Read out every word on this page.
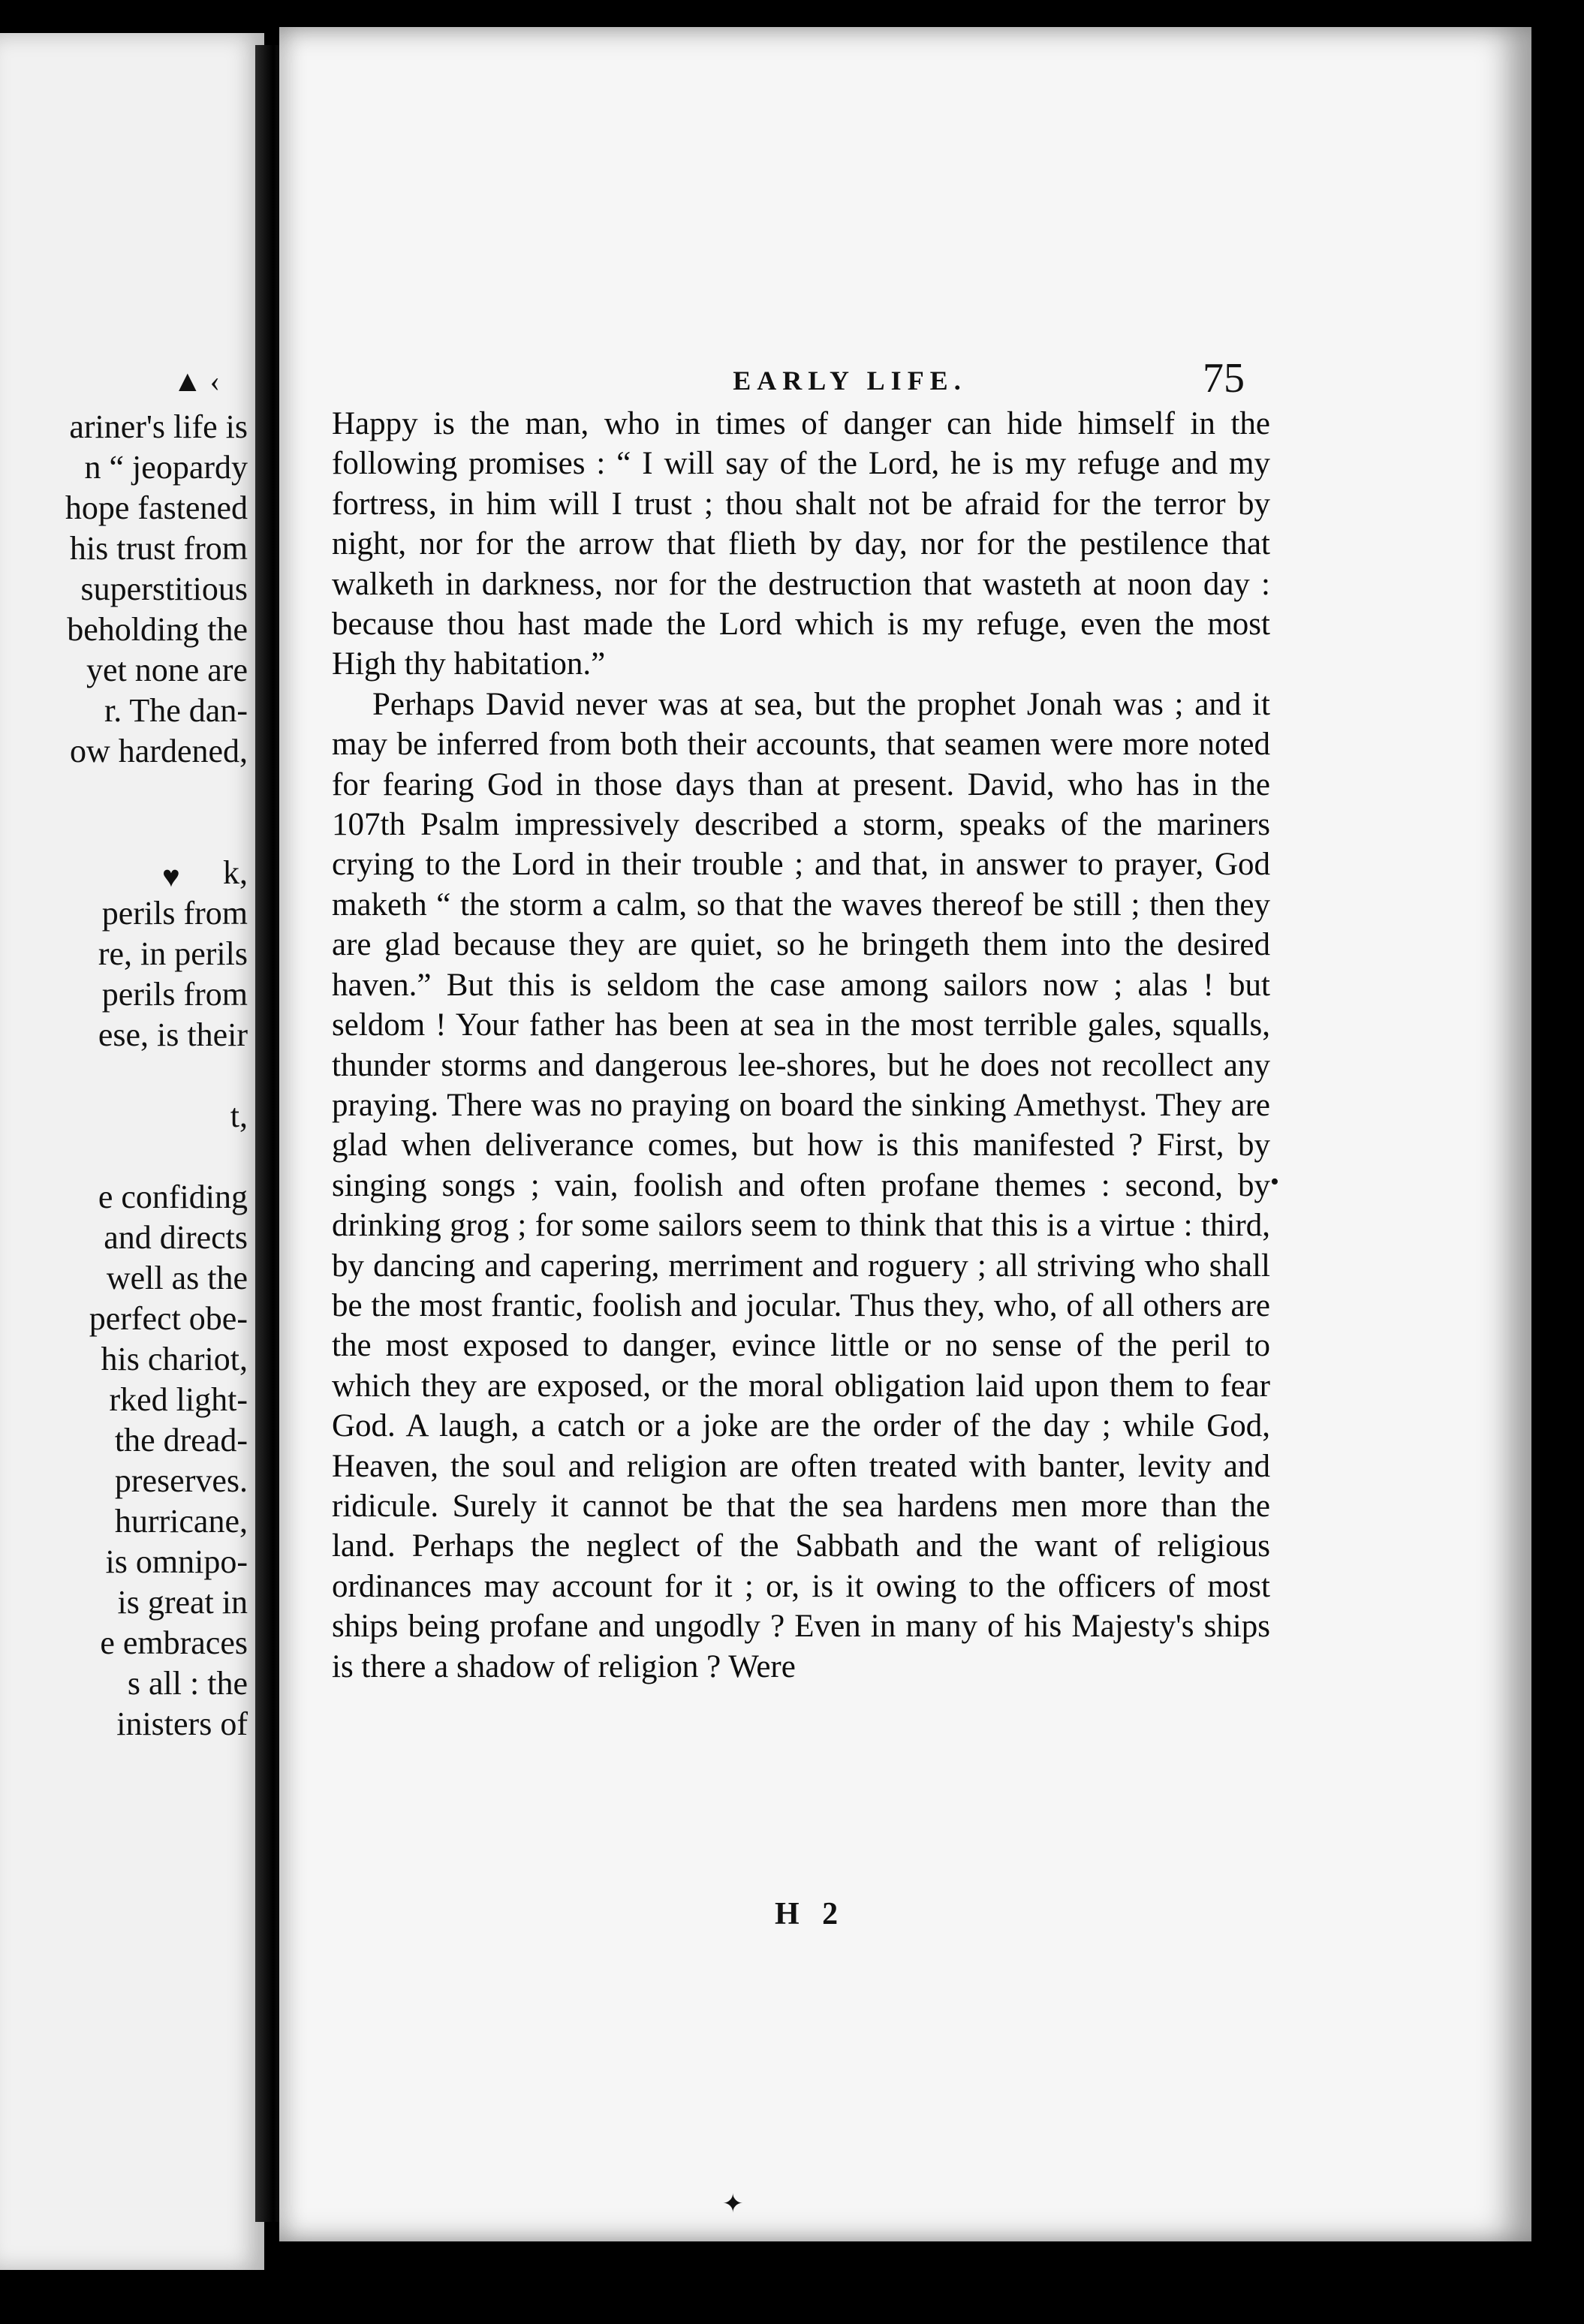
ariner's life is
n “ jeopardy
hope fastened
his trust from
superstitious
beholding the
yet none are
r. The dan-
ow hardened,
k,
perils from
re, in perils
perils from
ese, is their
t,
e confiding
and directs
well as the
perfect obe-
his chariot,
rked light-
the dread-
preserves.
hurricane,
is omnipo-
is great in
e embraces
s all : the
inisters of
▲ ‹
♥
EARLY LIFE.	75

Happy is the man, who in times of danger can hide himself in the following promises : “ I will say of the Lord, he is my refuge and my fortress, in him will I trust ; thou shalt not be afraid for the terror by night, nor for the arrow that flieth by day, nor for the pestilence that walketh in darkness, nor for the destruction that wasteth at noon day : because thou hast made the Lord which is my refuge, even the most High thy habitation.”

Perhaps David never was at sea, but the prophet Jonah was ; and it may be inferred from both their accounts, that seamen were more noted for fearing God in those days than at present. David, who has in the 107th Psalm impressively described a storm, speaks of the mariners crying to the Lord in their trouble ; and that, in answer to prayer, God maketh “ the storm a calm, so that the waves thereof be still ; then they are glad because they are quiet, so he bringeth them into the desired haven.” But this is seldom the case among sailors now ; alas ! but seldom ! Your father has been at sea in the most terrible gales, squalls, thunder storms and dangerous lee-shores, but he does not recollect any praying. There was no praying on board the sinking Amethyst. They are glad when deliverance comes, but how is this manifested ? First, by singing songs ; vain, foolish and often profane themes : second, by drinking grog ; for some sailors seem to think that this is a virtue : third, by dancing and capering, merriment and roguery ; all striving who shall be the most frantic, foolish and jocular. Thus they, who, of all others are the most exposed to danger, evince little or no sense of the peril to which they are exposed, or the moral obligation laid upon them to fear God. A laugh, a catch or a joke are the order of the day ; while God, Heaven, the soul and religion are often treated with banter, levity and ridicule. Surely it cannot be that the sea hardens men more than the land. Perhaps the neglect of the Sabbath and the want of religious ordinances may account for it ; or, is it owing to the officers of most ships being profane and ungodly ? Even in many of his Majesty's ships is there a shadow of religion ? Were

H 2
•
✦
